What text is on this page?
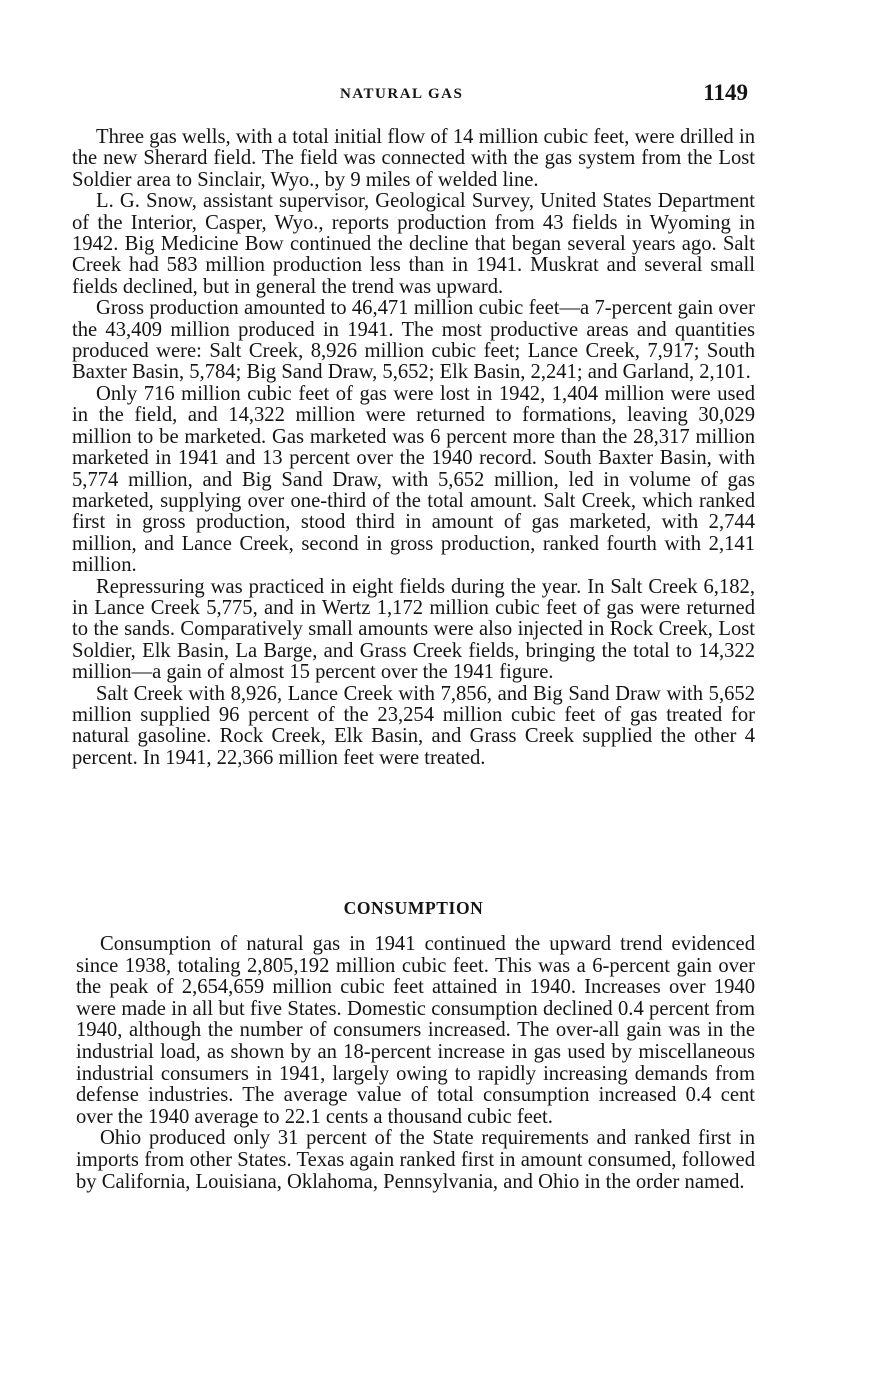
NATURAL GAS	1149

Three gas wells, with a total initial flow of 14 million cubic feet, were drilled in the new Sherard field. The field was connected with the gas system from the Lost Soldier area to Sinclair, Wyo., by 9 miles of welded line.

L. G. Snow, assistant supervisor, Geological Survey, United States Department of the Interior, Casper, Wyo., reports production from 43 fields in Wyoming in 1942. Big Medicine Bow continued the decline that began several years ago. Salt Creek had 583 million production less than in 1941. Muskrat and several small fields declined, but in general the trend was upward.

Gross production amounted to 46,471 million cubic feet—a 7-percent gain over the 43,409 million produced in 1941. The most productive areas and quantities produced were: Salt Creek, 8,926 million cubic feet; Lance Creek, 7,917; South Baxter Basin, 5,784; Big Sand Draw, 5,652; Elk Basin, 2,241; and Garland, 2,101.

Only 716 million cubic feet of gas were lost in 1942, 1,404 million were used in the field, and 14,322 million were returned to formations, leaving 30,029 million to be marketed. Gas marketed was 6 percent more than the 28,317 million marketed in 1941 and 13 percent over the 1940 record. South Baxter Basin, with 5,774 million, and Big Sand Draw, with 5,652 million, led in volume of gas marketed, supplying over one-third of the total amount. Salt Creek, which ranked first in gross production, stood third in amount of gas marketed, with 2,744 million, and Lance Creek, second in gross production, ranked fourth with 2,141 million.

Repressuring was practiced in eight fields during the year. In Salt Creek 6,182, in Lance Creek 5,775, and in Wertz 1,172 million cubic feet of gas were returned to the sands. Comparatively small amounts were also injected in Rock Creek, Lost Soldier, Elk Basin, La Barge, and Grass Creek fields, bringing the total to 14,322 million—a gain of almost 15 percent over the 1941 figure.

Salt Creek with 8,926, Lance Creek with 7,856, and Big Sand Draw with 5,652 million supplied 96 percent of the 23,254 million cubic feet of gas treated for natural gasoline. Rock Creek, Elk Basin, and Grass Creek supplied the other 4 percent. In 1941, 22,366 million feet were treated.

CONSUMPTION

Consumption of natural gas in 1941 continued the upward trend evidenced since 1938, totaling 2,805,192 million cubic feet. This was a 6-percent gain over the peak of 2,654,659 million cubic feet attained in 1940. Increases over 1940 were made in all but five States. Domestic consumption declined 0.4 percent from 1940, although the number of consumers increased. The over-all gain was in the industrial load, as shown by an 18-percent increase in gas used by miscellaneous industrial consumers in 1941, largely owing to rapidly increasing demands from defense industries. The average value of total consumption increased 0.4 cent over the 1940 average to 22.1 cents a thousand cubic feet.

Ohio produced only 31 percent of the State requirements and ranked first in imports from other States. Texas again ranked first in amount consumed, followed by California, Louisiana, Oklahoma, Pennsylvania, and Ohio in the order named.
